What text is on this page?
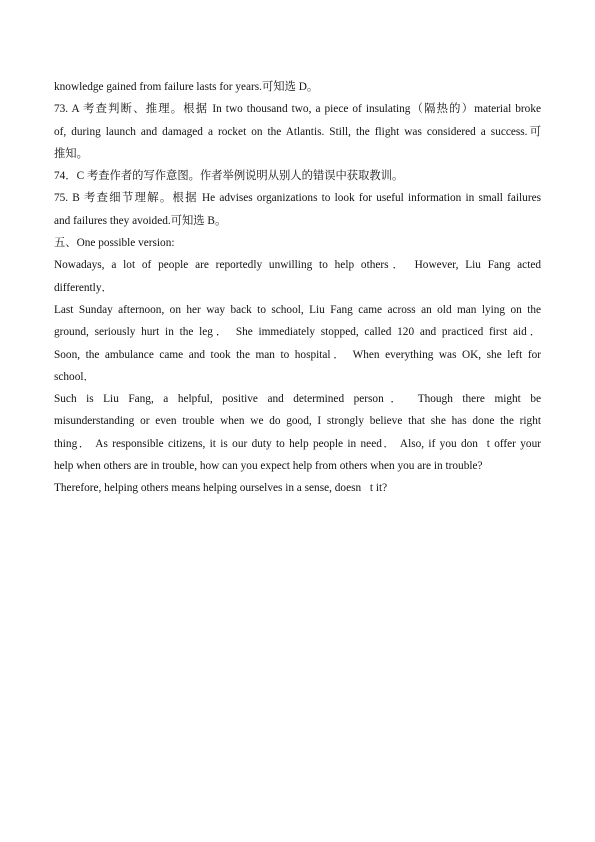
knowledge gained from failure lasts for years.可知选 D。
73. A 考查判断、推理。根据 In two thousand two, a piece of insulating（隔热的）material broke
of, during launch and damaged a rocket on the Atlantis. Still, the flight was considered a success.可
推知。
74．C 考查作者的写作意图。作者举例说明从别人的错误中获取教训。
75. B 考查细节理解。根据 He advises organizations to look for useful information in small failures
and failures they avoided.可知选 B。
五、One possible version:
Nowadays, a lot of people are reportedly unwilling to help others． However, Liu Fang acted
differently．
Last Sunday afternoon, on her way back to school, Liu Fang came across an old man lying on the
ground, seriously hurt in the leg． She immediately stopped, called 120 and practiced first aid．
Soon, the ambulance came and took the man to hospital． When everything was OK, she left for
school．
Such is Liu Fang, a helpful, positive and determined person． Though there might be
misunderstanding or even trouble when we do good, I strongly believe that she has done the right
thing． As responsible citizens, it is our duty to help people in need． Also, if you don t offer your
help when others are in trouble, how can you expect help from others when you are in trouble?
Therefore, helping others means helping ourselves in a sense, doesn t it?
